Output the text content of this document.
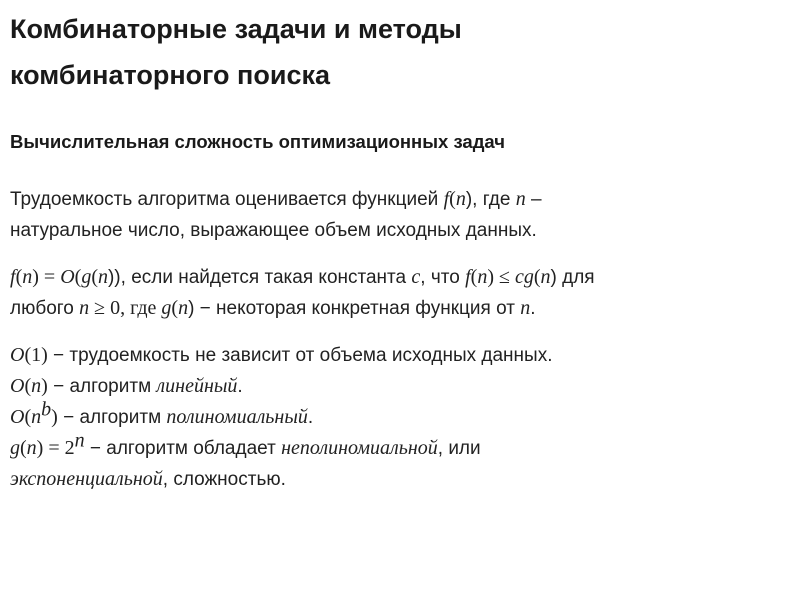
Комбинаторные задачи и методы
комбинаторного поиска
Вычислительная сложность оптимизационных задач

Трудоемкость алгоритма оценивается функцией f(n), где n –
натуральное число, выражающее объем исходных данных.

f(n) = O(g(n)), если найдется такая константа c, что f(n) ≤ cg(n) для
любого n ≥ 0, где g(n) − некоторая конкретная функция от n.

O(1) − трудоемкость не зависит от объема исходных данных.
O(n) − алгоритм линейный.
$O(n^b)$ − алгоритм полиномиальный.
$g(n) = 2^n$ − алгоритм обладает неполиномиальной, или
экспоненциальной, сложностью.
